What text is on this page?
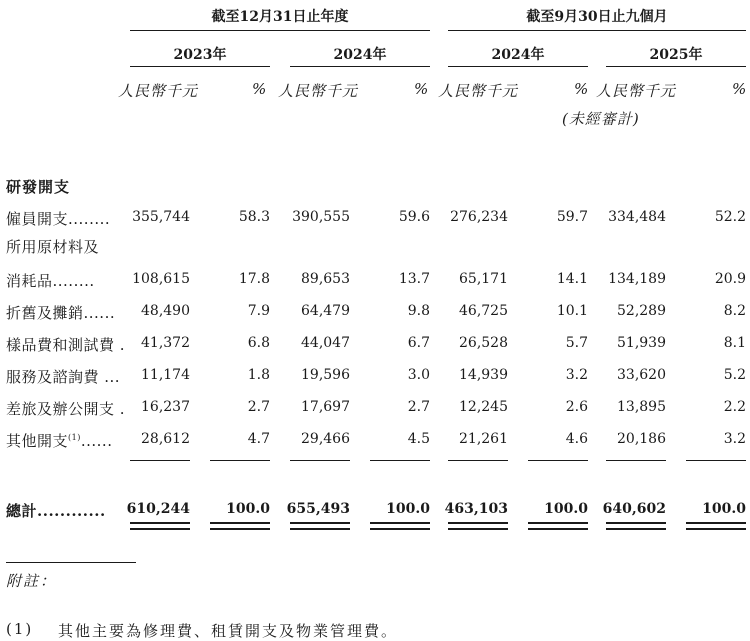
截至12月31日止年度	截至9月30日止九個月
2023年	2024年	2024年	2025年
人民幣千元	% 人民幣千元	% 人民幣千元	% 人民幣千元	%
(未經審計)
研發開支
僱員開支........	355,744	58.3	390,555	59.6	276,234	59.7	334,484	52.2
所用原材料及
消耗品........	108,615	17.8	89,653	13.7	65,171	14.1	134,189	20.9
折舊及攤銷......	48,490	7.9	64,479	9.8	46,725	10.1	52,289	8.2
樣品費和測試費 .	41,372	6.8	44,047	6.7	26,528	5.7	51,939	8.1
服務及諮詢費 ...	11,174	1.8	19,596	3.0	14,939	3.2	33,620	5.2
差旅及辦公開支 .	16,237	2.7	17,697	2.7	12,245	2.6	13,895	2.2
其他開支$^{(1)}$......	28,612	4.7	29,466	4.5	21,261	4.6	20,186	3.2
總計............	610,244	100.0	655,493	100.0	463,103	100.0	640,602	100.0
附註：
(1) 其他主要為修理費、租賃開支及物業管理費。
